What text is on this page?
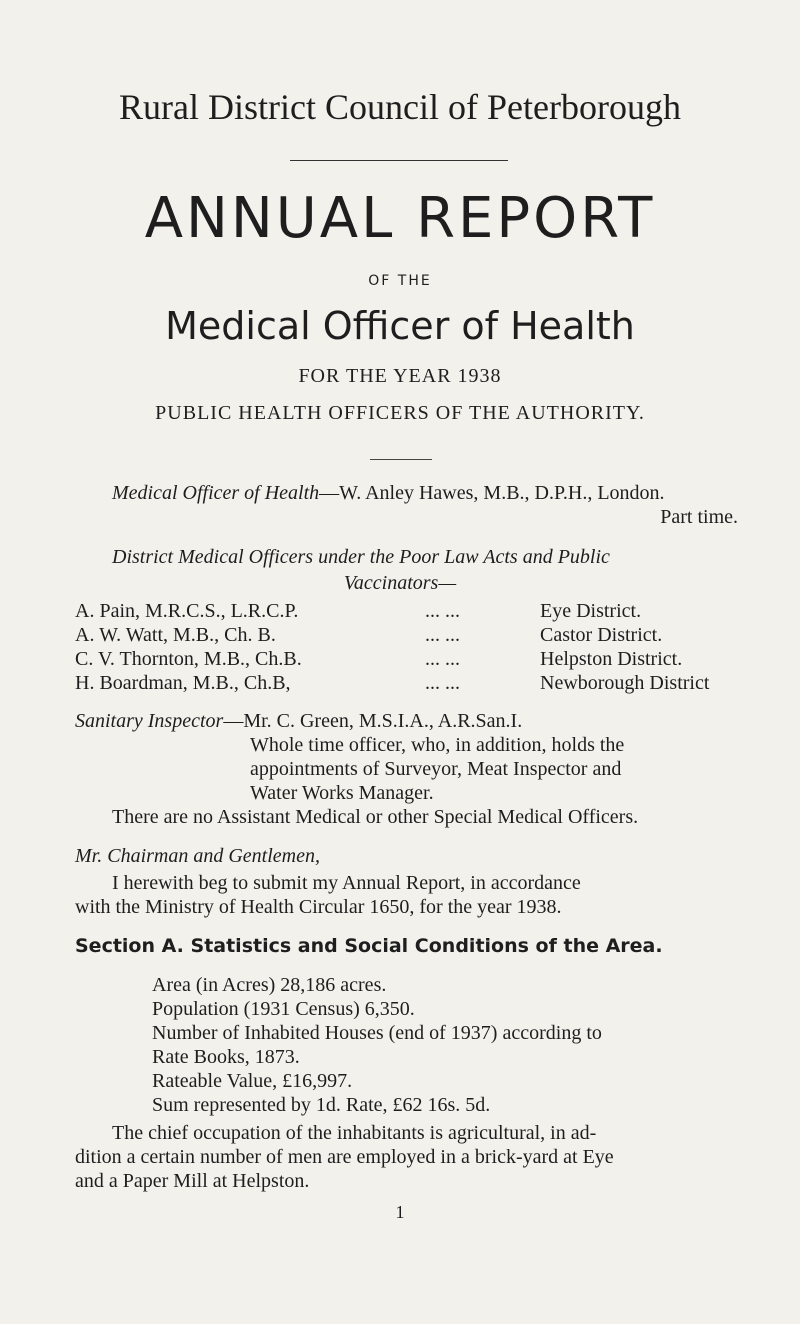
Rural District Council of Peterborough
ANNUAL REPORT
OF THE
Medical Officer of Health
FOR THE YEAR 1938
PUBLIC HEALTH OFFICERS OF THE AUTHORITY.
Medical Officer of Health—W. Anley Hawes, M.B., D.P.H., London.
Part time.
District Medical Officers under the Poor Law Acts and Public
Vaccinators—
A. Pain, M.R.C.S., L.R.C.P.	... ...	Eye District.
A. W. Watt, M.B., Ch. B.	... ...	Castor District.
C. V. Thornton, M.B., Ch.B.	... ...	Helpston District.
H. Boardman, M.B., Ch.B,	... ...	Newborough District
Sanitary Inspector—Mr. C. Green, M.S.I.A., A.R.San.I.
Whole time officer, who, in addition, holds the
appointments of Surveyor, Meat Inspector and
Water Works Manager.
There are no Assistant Medical or other Special Medical Officers.
Mr. Chairman and Gentlemen,
I herewith beg to submit my Annual Report, in accordance
with the Ministry of Health Circular 1650, for the year 1938.
Section A. Statistics and Social Conditions of the Area.
Area (in Acres) 28,186 acres.
Population (1931 Census) 6,350.
Number of Inhabited Houses (end of 1937) according to
Rate Books, 1873.
Rateable Value, £16,997.
Sum represented by 1d. Rate, £62 16s. 5d.
The chief occupation of the inhabitants is agricultural, in ad-
dition a certain number of men are employed in a brick-yard at Eye
and a Paper Mill at Helpston.
1
